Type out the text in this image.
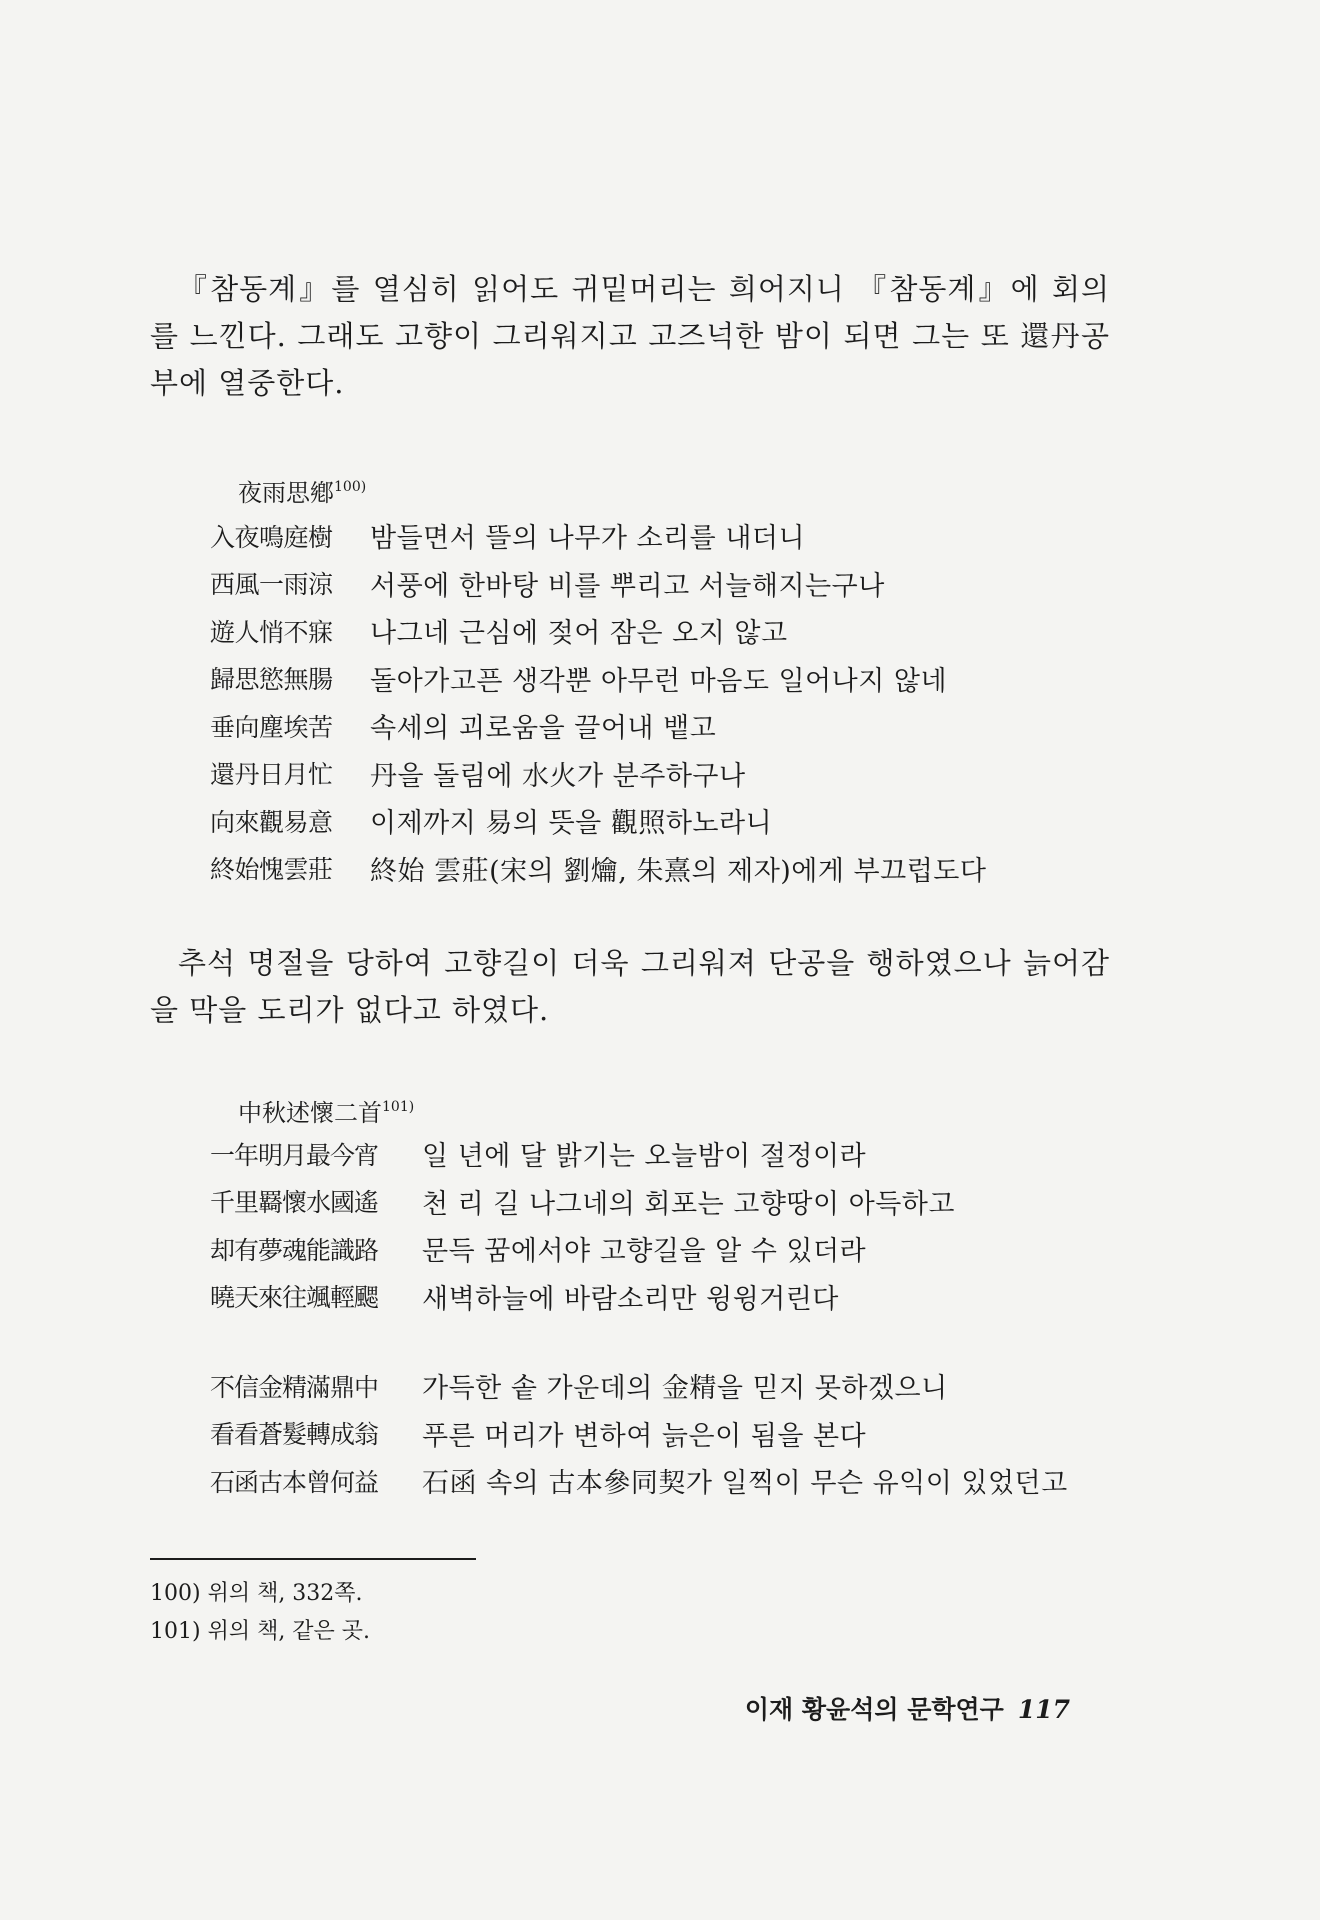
『참동계』를 열심히 읽어도 귀밑머리는 희어지니 『참동계』에 회의를 느낀다. 그래도 고향이 그리워지고 고즈넉한 밤이 되면 그는 또 還丹공부에 열중한다.

夜雨思鄕$^{100)}$

入夜鳴庭樹	밤들면서 뜰의 나무가 소리를 내더니
西風一雨涼	서풍에 한바탕 비를 뿌리고 서늘해지는구나
遊人悄不寐	나그네 근심에 젖어 잠은 오지 않고
歸思慾無腸	돌아가고픈 생각뿐 아무런 마음도 일어나지 않네
垂向塵埃苦	속세의 괴로움을 끌어내 뱉고
還丹日月忙	丹을 돌림에 水火가 분주하구나
向來觀易意	이제까지 易의 뜻을 觀照하노라니
終始愧雲莊	終始 雲莊(宋의 劉爚, 朱熹의 제자)에게 부끄럽도다

추석 명절을 당하여 고향길이 더욱 그리워져 단공을 행하였으나 늙어감을 막을 도리가 없다고 하였다.

中秋述懷二首$^{101)}$

一年明月最今宵	일 년에 달 밝기는 오늘밤이 절정이라
千里羇懷水國遙	천 리 길 나그네의 회포는 고향땅이 아득하고
却有夢魂能識路	문득 꿈에서야 고향길을 알 수 있더라
曉天來往颯輕颸	새벽하늘에 바람소리만 윙윙거린다
不信金精滿鼎中	가득한 솥 가운데의 金精을 믿지 못하겠으니
看看蒼髮轉成翁	푸른 머리가 변하여 늙은이 됨을 본다
石函古本曾何益	石函 속의 古本參同契가 일찍이 무슨 유익이 있었던고

100) 위의 책, 332쪽.

101) 위의 책, 같은 곳.

이재 황윤석의 문학연구 117
